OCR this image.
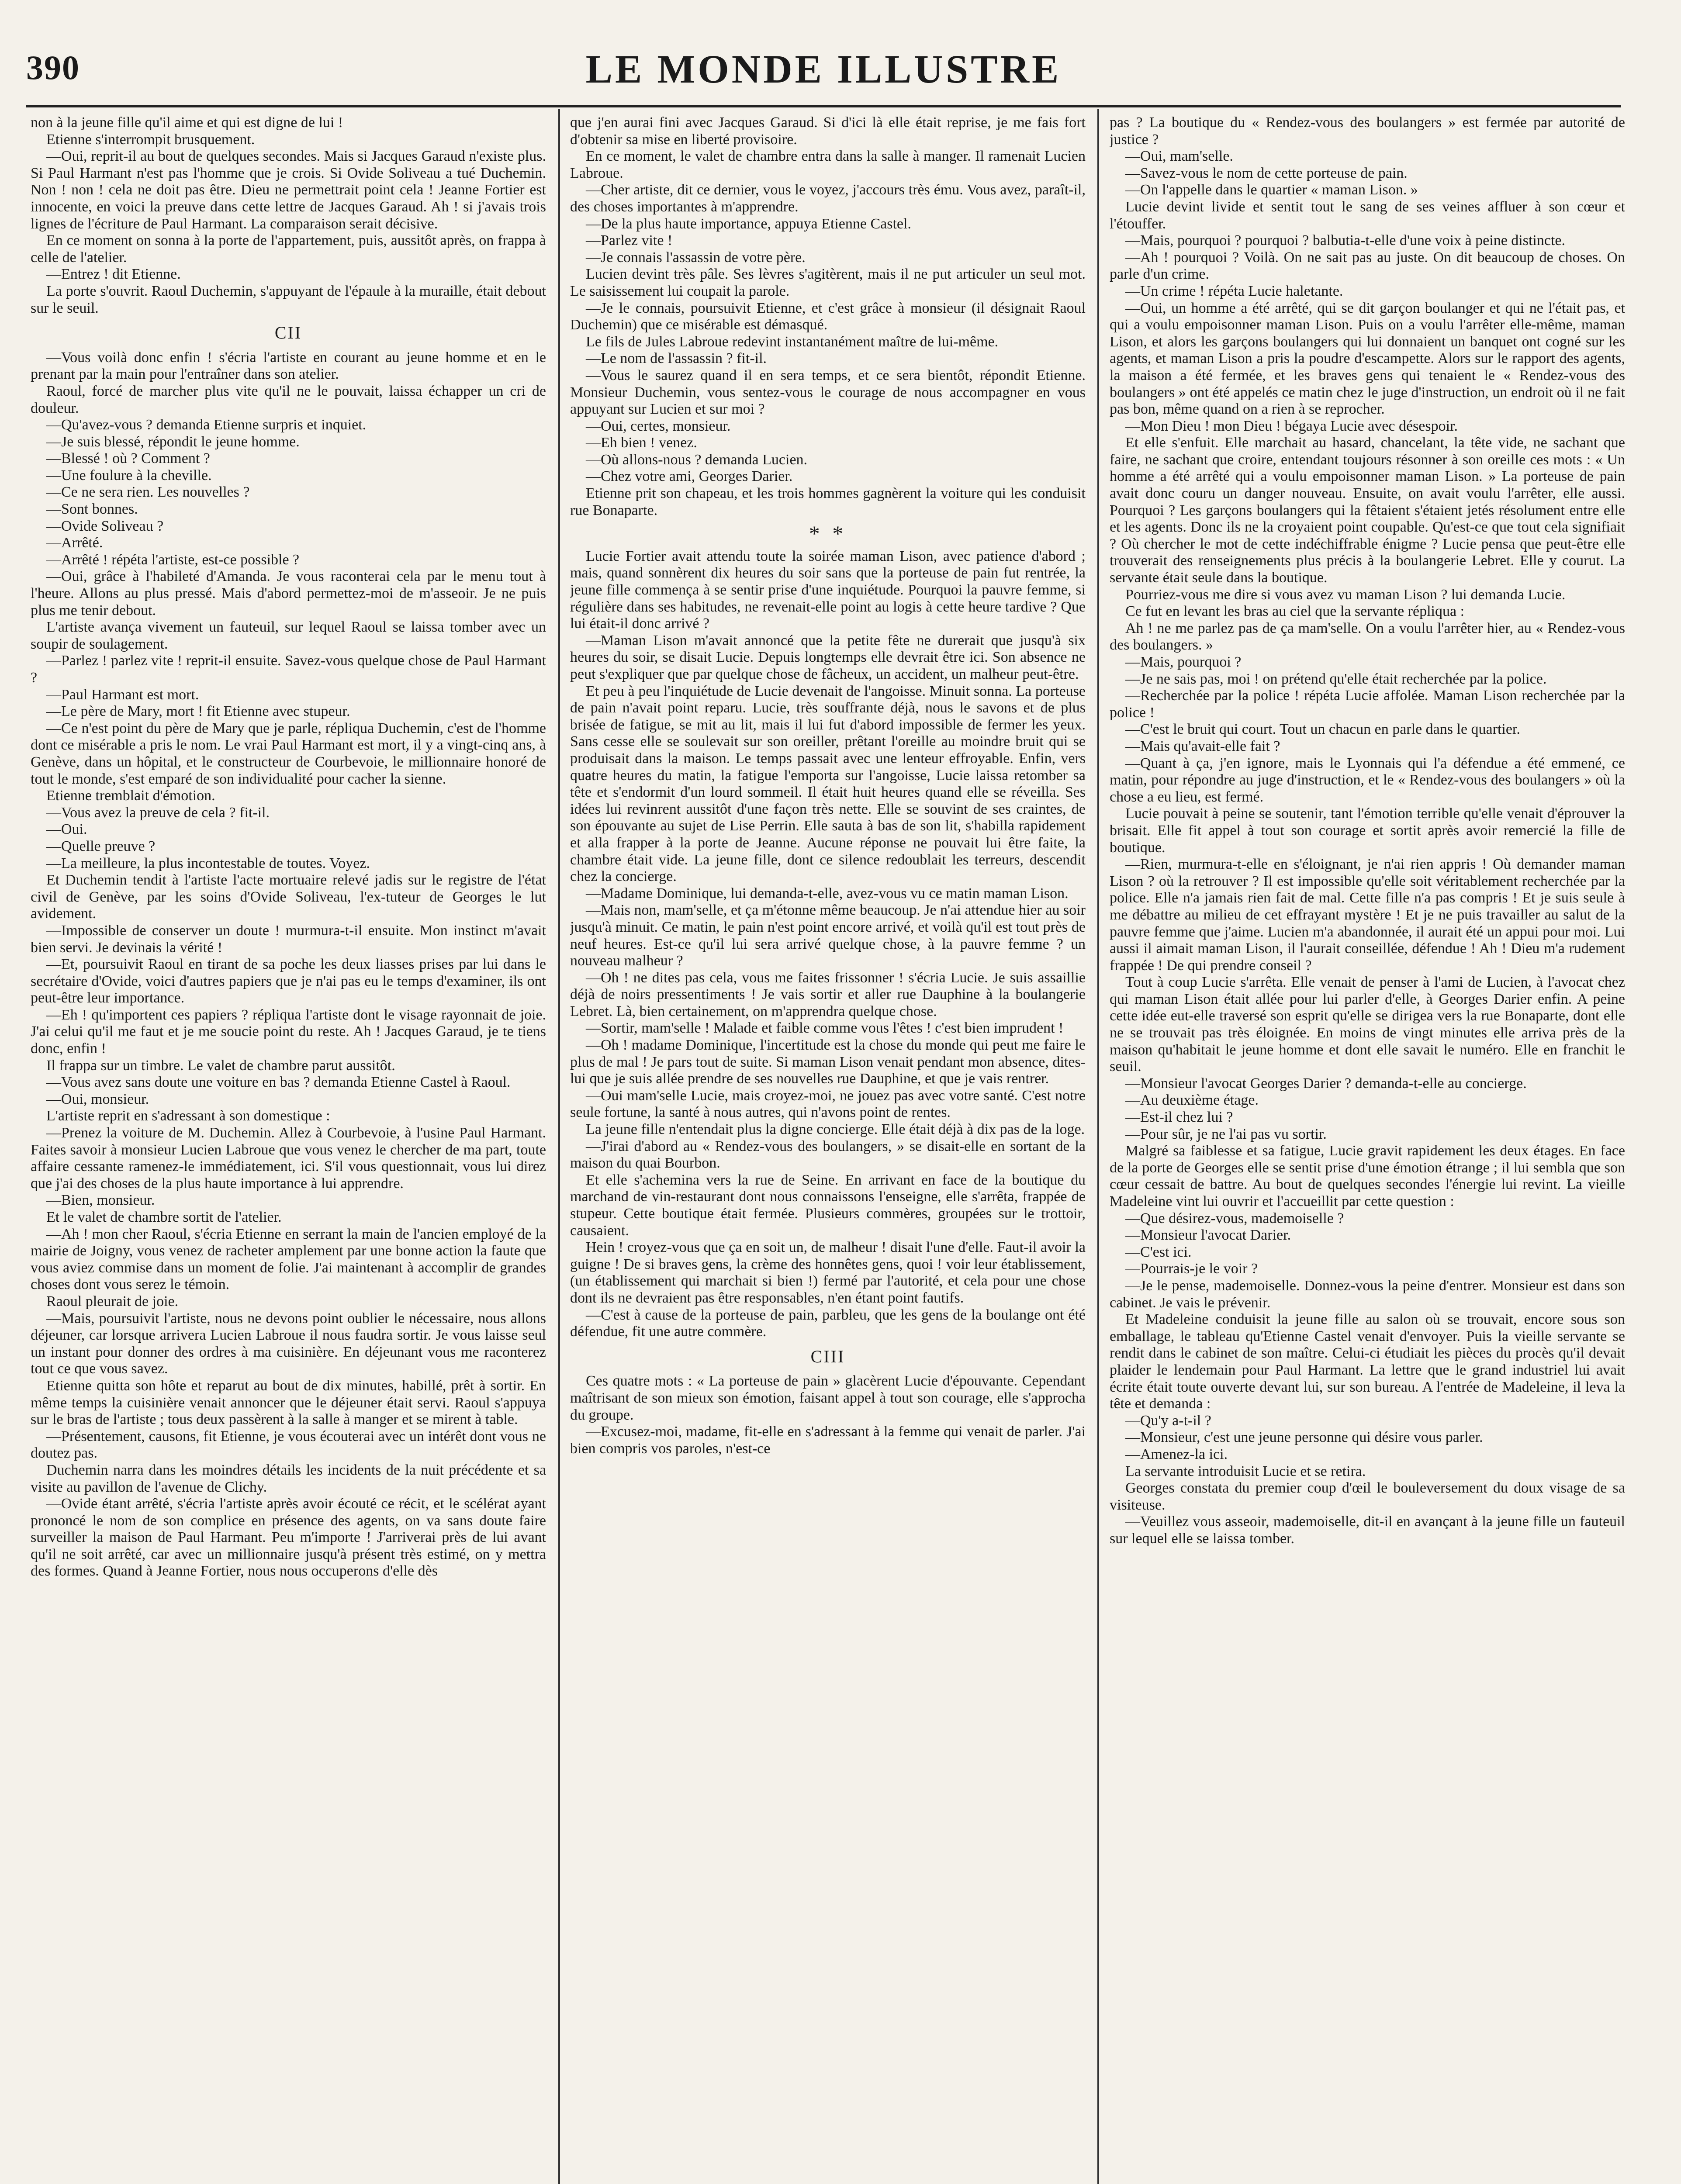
390	LE MONDE ILLUSTRE

non à la jeune fille qu'il aime et qui est digne de lui !

Etienne s'interrompit brusquement.

—Oui, reprit-il au bout de quelques secondes. Mais si Jacques Garaud n'existe plus. Si Paul Harmant n'est pas l'homme que je crois. Si Ovide Soliveau a tué Duchemin. Non ! non ! cela ne doit pas être. Dieu ne permettrait point cela ! Jeanne Fortier est innocente, en voici la preuve dans cette lettre de Jacques Garaud. Ah ! si j'avais trois lignes de l'écriture de Paul Harmant. La comparaison serait décisive.

En ce moment on sonna à la porte de l'appartement, puis, aussitôt après, on frappa à celle de l'atelier.

—Entrez ! dit Etienne.

La porte s'ouvrit. Raoul Duchemin, s'appuyant de l'épaule à la muraille, était debout sur le seuil.

CII

—Vous voilà donc enfin ! s'écria l'artiste en courant au jeune homme et en le prenant par la main pour l'entraîner dans son atelier.

Raoul, forcé de marcher plus vite qu'il ne le pouvait, laissa échapper un cri de douleur.

—Qu'avez-vous ? demanda Etienne surpris et inquiet.

—Je suis blessé, répondit le jeune homme.

—Blessé ! où ? Comment ?

—Une foulure à la cheville.

—Ce ne sera rien. Les nouvelles ?

—Sont bonnes.

—Ovide Soliveau ?

—Arrêté.

—Arrêté ! répéta l'artiste, est-ce possible ?

—Oui, grâce à l'habileté d'Amanda. Je vous raconterai cela par le menu tout à l'heure. Allons au plus pressé. Mais d'abord permettez-moi de m'asseoir. Je ne puis plus me tenir debout.

L'artiste avança vivement un fauteuil, sur lequel Raoul se laissa tomber avec un soupir de soulagement.

—Parlez ! parlez vite ! reprit-il ensuite. Savez-vous quelque chose de Paul Harmant ?

—Paul Harmant est mort.

—Le père de Mary, mort ! fit Etienne avec stupeur.

—Ce n'est point du père de Mary que je parle, répliqua Duchemin, c'est de l'homme dont ce misérable a pris le nom. Le vrai Paul Harmant est mort, il y a vingt-cinq ans, à Genève, dans un hôpital, et le constructeur de Courbevoie, le millionnaire honoré de tout le monde, s'est emparé de son individualité pour cacher la sienne.

Etienne tremblait d'émotion.

—Vous avez la preuve de cela ? fit-il.

—Oui.

—Quelle preuve ?

—La meilleure, la plus incontestable de toutes. Voyez.

Et Duchemin tendit à l'artiste l'acte mortuaire relevé jadis sur le registre de l'état civil de Genève, par les soins d'Ovide Soliveau, l'ex-tuteur de Georges le lut avidement.

—Impossible de conserver un doute ! murmura-t-il ensuite. Mon instinct m'avait bien servi. Je devinais la vérité !

—Et, poursuivit Raoul en tirant de sa poche les deux liasses prises par lui dans le secrétaire d'Ovide, voici d'autres papiers que je n'ai pas eu le temps d'examiner, ils ont peut-être leur importance.

—Eh ! qu'importent ces papiers ? répliqua l'artiste dont le visage rayonnait de joie. J'ai celui qu'il me faut et je me soucie point du reste. Ah ! Jacques Garaud, je te tiens donc, enfin !

Il frappa sur un timbre. Le valet de chambre parut aussitôt.

—Vous avez sans doute une voiture en bas ? demanda Etienne Castel à Raoul.

—Oui, monsieur.

L'artiste reprit en s'adressant à son domestique :

—Prenez la voiture de M. Duchemin. Allez à Courbevoie, à l'usine Paul Harmant. Faites savoir à monsieur Lucien Labroue que vous venez le chercher de ma part, toute affaire cessante ramenez-le immédiatement, ici. S'il vous questionnait, vous lui direz que j'ai des choses de la plus haute importance à lui apprendre.

—Bien, monsieur.

Et le valet de chambre sortit de l'atelier.

—Ah ! mon cher Raoul, s'écria Etienne en serrant la main de l'ancien employé de la mairie de Joigny, vous venez de racheter amplement par une bonne action la faute que vous aviez commise dans un moment de folie. J'ai maintenant à accomplir de grandes choses dont vous serez le témoin.

Raoul pleurait de joie.

—Mais, poursuivit l'artiste, nous ne devons point oublier le nécessaire, nous allons déjeuner, car lorsque arrivera Lucien Labroue il nous faudra sortir. Je vous laisse seul un instant pour donner des ordres à ma cuisinière. En déjeunant vous me raconterez tout ce que vous savez.

Etienne quitta son hôte et reparut au bout de dix minutes, habillé, prêt à sortir. En même temps la cuisinière venait annoncer que le déjeuner était servi. Raoul s'appuya sur le bras de l'artiste ; tous deux passèrent à la salle à manger et se mirent à table.

—Présentement, causons, fit Etienne, je vous écouterai avec un intérêt dont vous ne doutez pas.

Duchemin narra dans les moindres détails les incidents de la nuit précédente et sa visite au pavillon de l'avenue de Clichy.

—Ovide étant arrêté, s'écria l'artiste après avoir écouté ce récit, et le scélérat ayant prononcé le nom de son complice en présence des agents, on va sans doute faire surveiller la maison de Paul Harmant. Peu m'importe ! J'arriverai près de lui avant qu'il ne soit arrêté, car avec un millionnaire jusqu'à présent très estimé, on y mettra des formes. Quand à Jeanne Fortier, nous nous occuperons d'elle dès

que j'en aurai fini avec Jacques Garaud. Si d'ici là elle était reprise, je me fais fort d'obtenir sa mise en liberté provisoire.

En ce moment, le valet de chambre entra dans la salle à manger. Il ramenait Lucien Labroue.

—Cher artiste, dit ce dernier, vous le voyez, j'accours très ému. Vous avez, paraît-il, des choses importantes à m'apprendre.

—De la plus haute importance, appuya Etienne Castel.

—Parlez vite !

—Je connais l'assassin de votre père.

Lucien devint très pâle. Ses lèvres s'agitèrent, mais il ne put articuler un seul mot. Le saisissement lui coupait la parole.

—Je le connais, poursuivit Etienne, et c'est grâce à monsieur (il désignait Raoul Duchemin) que ce misérable est démasqué.

Le fils de Jules Labroue redevint instantanément maître de lui-même.

—Le nom de l'assassin ? fit-il.

—Vous le saurez quand il en sera temps, et ce sera bientôt, répondit Etienne. Monsieur Duchemin, vous sentez-vous le courage de nous accompagner en vous appuyant sur Lucien et sur moi ?

—Oui, certes, monsieur.

—Eh bien ! venez.

—Où allons-nous ? demanda Lucien.

—Chez votre ami, Georges Darier.

Etienne prit son chapeau, et les trois hommes gagnèrent la voiture qui les conduisit rue Bonaparte.

* *

Lucie Fortier avait attendu toute la soirée maman Lison, avec patience d'abord ; mais, quand sonnèrent dix heures du soir sans que la porteuse de pain fut rentrée, la jeune fille commença à se sentir prise d'une inquiétude. Pourquoi la pauvre femme, si régulière dans ses habitudes, ne revenait-elle point au logis à cette heure tardive ? Que lui était-il donc arrivé ?

—Maman Lison m'avait annoncé que la petite fête ne durerait que jusqu'à six heures du soir, se disait Lucie. Depuis longtemps elle devrait être ici. Son absence ne peut s'expliquer que par quelque chose de fâcheux, un accident, un malheur peut-être.

Et peu à peu l'inquiétude de Lucie devenait de l'angoisse. Minuit sonna. La porteuse de pain n'avait point reparu. Lucie, très souffrante déjà, nous le savons et de plus brisée de fatigue, se mit au lit, mais il lui fut d'abord impossible de fermer les yeux. Sans cesse elle se soulevait sur son oreiller, prêtant l'oreille au moindre bruit qui se produisait dans la maison. Le temps passait avec une lenteur effroyable. Enfin, vers quatre heures du matin, la fatigue l'emporta sur l'angoisse, Lucie laissa retomber sa tête et s'endormit d'un lourd sommeil. Il était huit heures quand elle se réveilla. Ses idées lui revinrent aussitôt d'une façon très nette. Elle se souvint de ses craintes, de son épouvante au sujet de Lise Perrin. Elle sauta à bas de son lit, s'habilla rapidement et alla frapper à la porte de Jeanne. Aucune réponse ne pouvait lui être faite, la chambre était vide. La jeune fille, dont ce silence redoublait les terreurs, descendit chez la concierge.

—Madame Dominique, lui demanda-t-elle, avez-vous vu ce matin maman Lison.

—Mais non, mam'selle, et ça m'étonne même beaucoup. Je n'ai attendue hier au soir jusqu'à minuit. Ce matin, le pain n'est point encore arrivé, et voilà qu'il est tout près de neuf heures. Est-ce qu'il lui sera arrivé quelque chose, à la pauvre femme ? un nouveau malheur ?

—Oh ! ne dites pas cela, vous me faites frissonner ! s'écria Lucie. Je suis assaillie déjà de noirs pressentiments ! Je vais sortir et aller rue Dauphine à la boulangerie Lebret. Là, bien certainement, on m'apprendra quelque chose.

—Sortir, mam'selle ! Malade et faible comme vous l'êtes ! c'est bien imprudent !

—Oh ! madame Dominique, l'incertitude est la chose du monde qui peut me faire le plus de mal ! Je pars tout de suite. Si maman Lison venait pendant mon absence, dites-lui que je suis allée prendre de ses nouvelles rue Dauphine, et que je vais rentrer.

—Oui mam'selle Lucie, mais croyez-moi, ne jouez pas avec votre santé. C'est notre seule fortune, la santé à nous autres, qui n'avons point de rentes.

La jeune fille n'entendait plus la digne concierge. Elle était déjà à dix pas de la loge.

—J'irai d'abord au « Rendez-vous des boulangers, » se disait-elle en sortant de la maison du quai Bourbon.

Et elle s'achemina vers la rue de Seine. En arrivant en face de la boutique du marchand de vin-restaurant dont nous connaissons l'enseigne, elle s'arrêta, frappée de stupeur. Cette boutique était fermée. Plusieurs commères, groupées sur le trottoir, causaient.

Hein ! croyez-vous que ça en soit un, de malheur ! disait l'une d'elle. Faut-il avoir la guigne ! De si braves gens, la crème des honnêtes gens, quoi ! voir leur établissement, (un établissement qui marchait si bien !) fermé par l'autorité, et cela pour une chose dont ils ne devraient pas être responsables, n'en étant point fautifs.

—C'est à cause de la porteuse de pain, parbleu, que les gens de la boulange ont été défendue, fit une autre commère.

CIII

Ces quatre mots : « La porteuse de pain » glacèrent Lucie d'épouvante. Cependant maîtrisant de son mieux son émotion, faisant appel à tout son courage, elle s'approcha du groupe.

—Excusez-moi, madame, fit-elle en s'adressant à la femme qui venait de parler. J'ai bien compris vos paroles, n'est-ce

pas ? La boutique du « Rendez-vous des boulangers » est fermée par autorité de justice ?

—Oui, mam'selle.

—Savez-vous le nom de cette porteuse de pain.

—On l'appelle dans le quartier « maman Lison. »

Lucie devint livide et sentit tout le sang de ses veines affluer à son cœur et l'étouffer.

—Mais, pourquoi ? pourquoi ? balbutia-t-elle d'une voix à peine distincte.

—Ah ! pourquoi ? Voilà. On ne sait pas au juste. On dit beaucoup de choses. On parle d'un crime.

—Un crime ! répéta Lucie haletante.

—Oui, un homme a été arrêté, qui se dit garçon boulanger et qui ne l'était pas, et qui a voulu empoisonner maman Lison. Puis on a voulu l'arrêter elle-même, maman Lison, et alors les garçons boulangers qui lui donnaient un banquet ont cogné sur les agents, et maman Lison a pris la poudre d'escampette. Alors sur le rapport des agents, la maison a été fermée, et les braves gens qui tenaient le « Rendez-vous des boulangers » ont été appelés ce matin chez le juge d'instruction, un endroit où il ne fait pas bon, même quand on a rien à se reprocher.

—Mon Dieu ! mon Dieu ! bégaya Lucie avec désespoir.

Et elle s'enfuit. Elle marchait au hasard, chancelant, la tête vide, ne sachant que faire, ne sachant que croire, entendant toujours résonner à son oreille ces mots : « Un homme a été arrêté qui a voulu empoisonner maman Lison. » La porteuse de pain avait donc couru un danger nouveau. Ensuite, on avait voulu l'arrêter, elle aussi. Pourquoi ? Les garçons boulangers qui la fêtaient s'étaient jetés résolument entre elle et les agents. Donc ils ne la croyaient point coupable. Qu'est-ce que tout cela signifiait ? Où chercher le mot de cette indéchiffrable énigme ? Lucie pensa que peut-être elle trouverait des renseignements plus précis à la boulangerie Lebret. Elle y courut. La servante était seule dans la boutique.

Pourriez-vous me dire si vous avez vu maman Lison ? lui demanda Lucie.

Ce fut en levant les bras au ciel que la servante répliqua :

Ah ! ne me parlez pas de ça mam'selle. On a voulu l'arrêter hier, au « Rendez-vous des boulangers. »

—Mais, pourquoi ?

—Je ne sais pas, moi ! on prétend qu'elle était recherchée par la police.

—Recherchée par la police ! répéta Lucie affolée. Maman Lison recherchée par la police !

—C'est le bruit qui court. Tout un chacun en parle dans le quartier.

—Mais qu'avait-elle fait ?

—Quant à ça, j'en ignore, mais le Lyonnais qui l'a défendue a été emmené, ce matin, pour répondre au juge d'instruction, et le « Rendez-vous des boulangers » où la chose a eu lieu, est fermé.

Lucie pouvait à peine se soutenir, tant l'émotion terrible qu'elle venait d'éprouver la brisait. Elle fit appel à tout son courage et sortit après avoir remercié la fille de boutique.

—Rien, murmura-t-elle en s'éloignant, je n'ai rien appris ! Où demander maman Lison ? où la retrouver ? Il est impossible qu'elle soit véritablement recherchée par la police. Elle n'a jamais rien fait de mal. Cette fille n'a pas compris ! Et je suis seule à me débattre au milieu de cet effrayant mystère ! Et je ne puis travailler au salut de la pauvre femme que j'aime. Lucien m'a abandonnée, il aurait été un appui pour moi. Lui aussi il aimait maman Lison, il l'aurait conseillée, défendue ! Ah ! Dieu m'a rudement frappée ! De qui prendre conseil ?

Tout à coup Lucie s'arrêta. Elle venait de penser à l'ami de Lucien, à l'avocat chez qui maman Lison était allée pour lui parler d'elle, à Georges Darier enfin. A peine cette idée eut-elle traversé son esprit qu'elle se dirigea vers la rue Bonaparte, dont elle ne se trouvait pas très éloignée. En moins de vingt minutes elle arriva près de la maison qu'habitait le jeune homme et dont elle savait le numéro. Elle en franchit le seuil.

—Monsieur l'avocat Georges Darier ? demanda-t-elle au concierge.

—Au deuxième étage.

—Est-il chez lui ?

—Pour sûr, je ne l'ai pas vu sortir.

Malgré sa faiblesse et sa fatigue, Lucie gravit rapidement les deux étages. En face de la porte de Georges elle se sentit prise d'une émotion étrange ; il lui sembla que son cœur cessait de battre. Au bout de quelques secondes l'énergie lui revint. La vieille Madeleine vint lui ouvrir et l'accueillit par cette question :

—Que désirez-vous, mademoiselle ?

—Monsieur l'avocat Darier.

—C'est ici.

—Pourrais-je le voir ?

—Je le pense, mademoiselle. Donnez-vous la peine d'entrer. Monsieur est dans son cabinet. Je vais le prévenir.

Et Madeleine conduisit la jeune fille au salon où se trouvait, encore sous son emballage, le tableau qu'Etienne Castel venait d'envoyer. Puis la vieille servante se rendit dans le cabinet de son maître. Celui-ci étudiait les pièces du procès qu'il devait plaider le lendemain pour Paul Harmant. La lettre que le grand industriel lui avait écrite était toute ouverte devant lui, sur son bureau. A l'entrée de Madeleine, il leva la tête et demanda :

—Qu'y a-t-il ?

—Monsieur, c'est une jeune personne qui désire vous parler.

—Amenez-la ici.

La servante introduisit Lucie et se retira.

Georges constata du premier coup d'œil le bouleversement du doux visage de sa visiteuse.

—Veuillez vous asseoir, mademoiselle, dit-il en avançant à la jeune fille un fauteuil sur lequel elle se laissa tomber.
